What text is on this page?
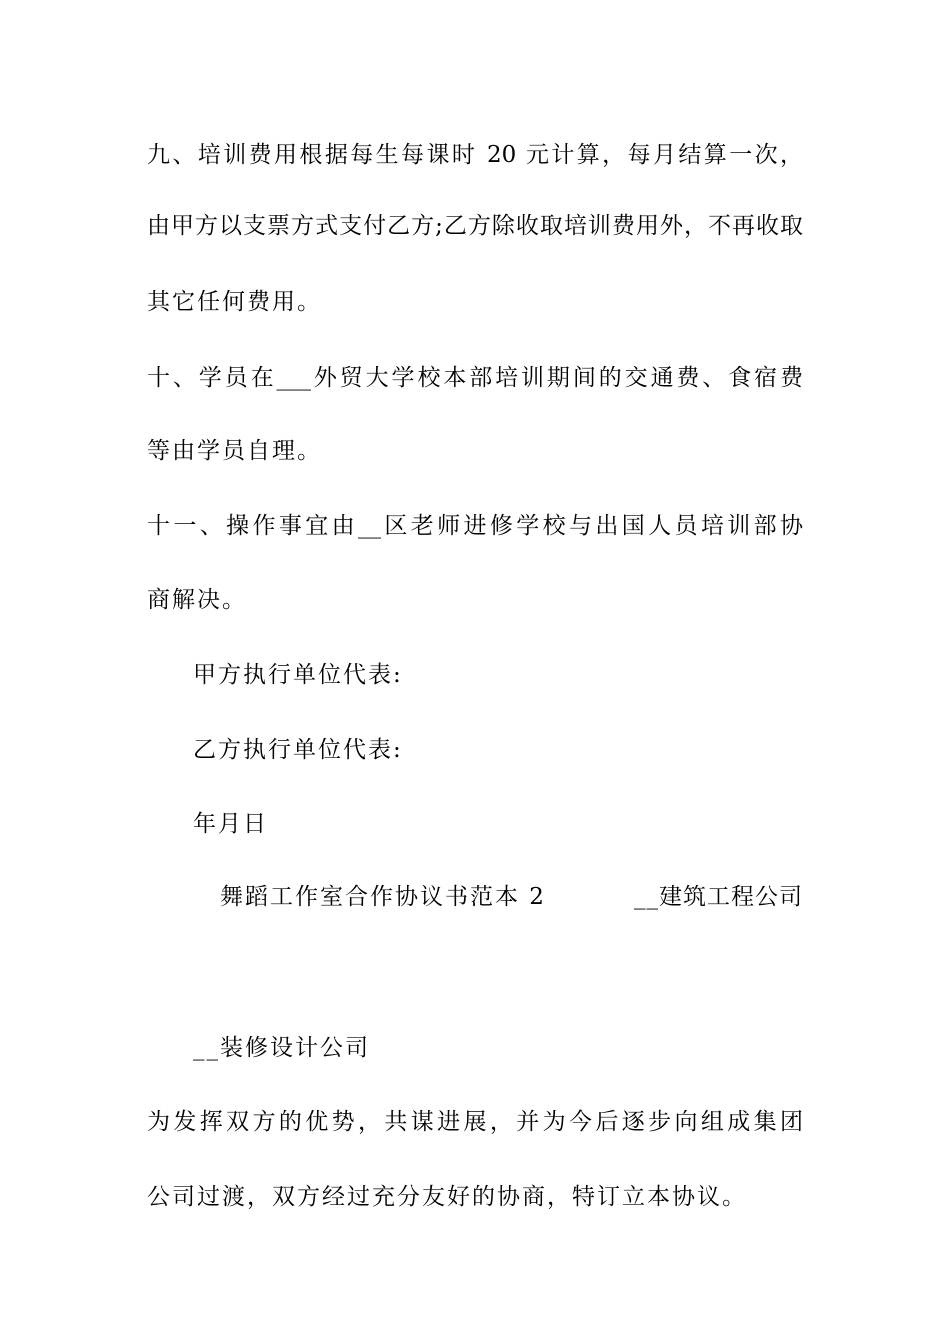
九、培训费用根据每生每课时 20 元计算，每月结算一次，
由甲方以支票方式支付乙方;乙方除收取培训费用外，不再收取
其它任何费用。
十、学员在___外贸大学校本部培训期间的交通费、食宿费
等由学员自理。
十一、操作事宜由__区老师进修学校与出国人员培训部协
商解决。
甲方执行单位代表:
乙方执行单位代表:
年月日
舞蹈工作室合作协议书范本 2	__建筑工程公司
__装修设计公司
为发挥双方的优势，共谋进展，并为今后逐步向组成集团
公司过渡，双方经过充分友好的协商，特订立本协议。
